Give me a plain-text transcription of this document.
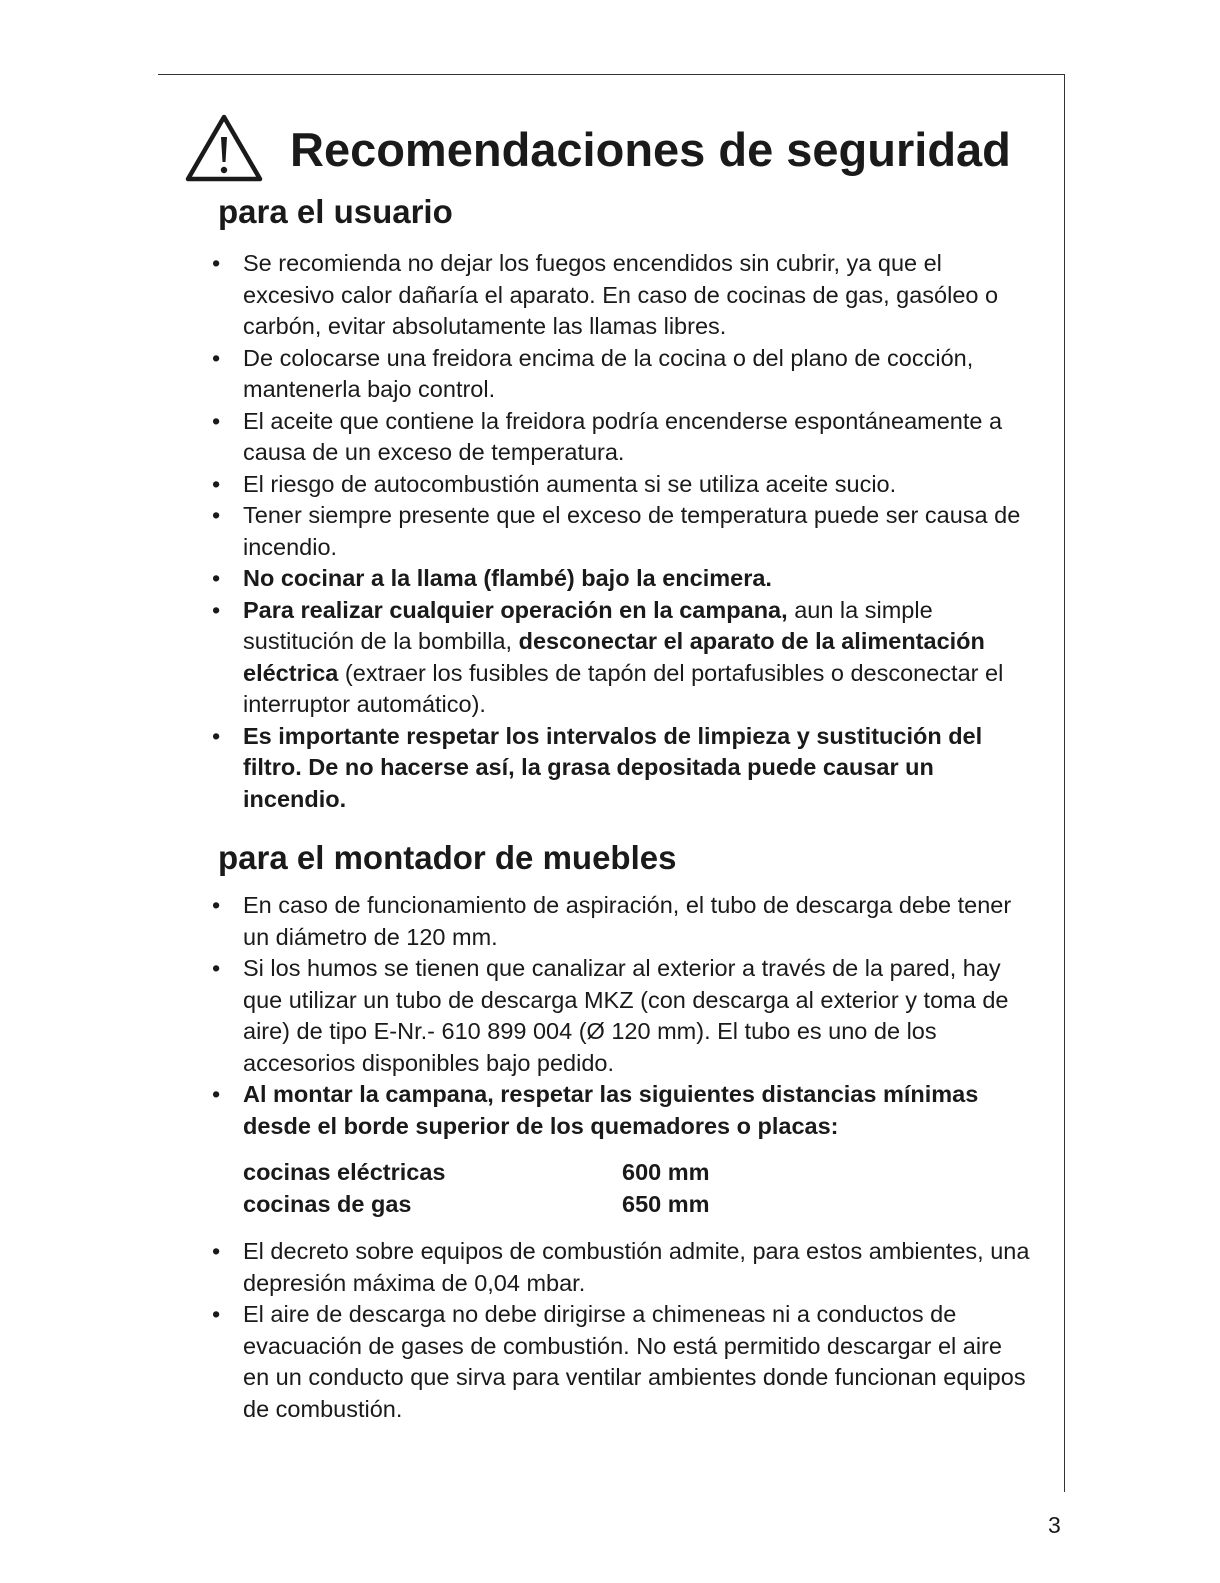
Recomendaciones de seguridad
para el usuario
• Se recomienda no dejar los fuegos encendidos sin cubrir, ya que el excesivo calor dañaría el aparato. En caso de cocinas de gas, gasóleo o carbón, evitar absolutamente las llamas libres.
• De colocarse una freidora encima de la cocina o del plano de cocción, mantenerla bajo control.
• El aceite que contiene la freidora podría encenderse espontáneamente a causa de un exceso de temperatura.
• El riesgo de autocombustión aumenta si se utiliza aceite sucio.
• Tener siempre presente que el exceso de temperatura puede ser causa de incendio.
• No cocinar a la llama (flambé) bajo la encimera.
• Para realizar cualquier operación en la campana, aun la simple sustitución de la bombilla, desconectar el aparato de la alimentación eléctrica (extraer los fusibles de tapón del portafusibles o desconectar el interruptor automático).
• Es importante respetar los intervalos de limpieza y sustitución del filtro. De no hacerse así, la grasa depositada puede causar un incendio.
para el montador de muebles
• En caso de funcionamiento de aspiración, el tubo de descarga debe tener un diámetro de 120 mm.
• Si los humos se tienen que canalizar al exterior a través de la pared, hay que utilizar un tubo de descarga MKZ (con descarga al exterior y toma de aire) de tipo E-Nr.- 610 899 004 (Ø 120 mm). El tubo es uno de los accesorios disponibles bajo pedido.
• Al montar la campana, respetar las siguientes distancias mínimas desde el borde superior de los quemadores o placas:
cocinas eléctricas	600 mm
cocinas de gas	650 mm
• El decreto sobre equipos de combustión admite, para estos ambientes, una depresión máxima de 0,04 mbar.
• El aire de descarga no debe dirigirse a chimeneas ni a conductos de evacuación de gases de combustión. No está permitido descargar el aire en un conducto que sirva para ventilar ambientes donde funcionan equipos de combustión.
3
